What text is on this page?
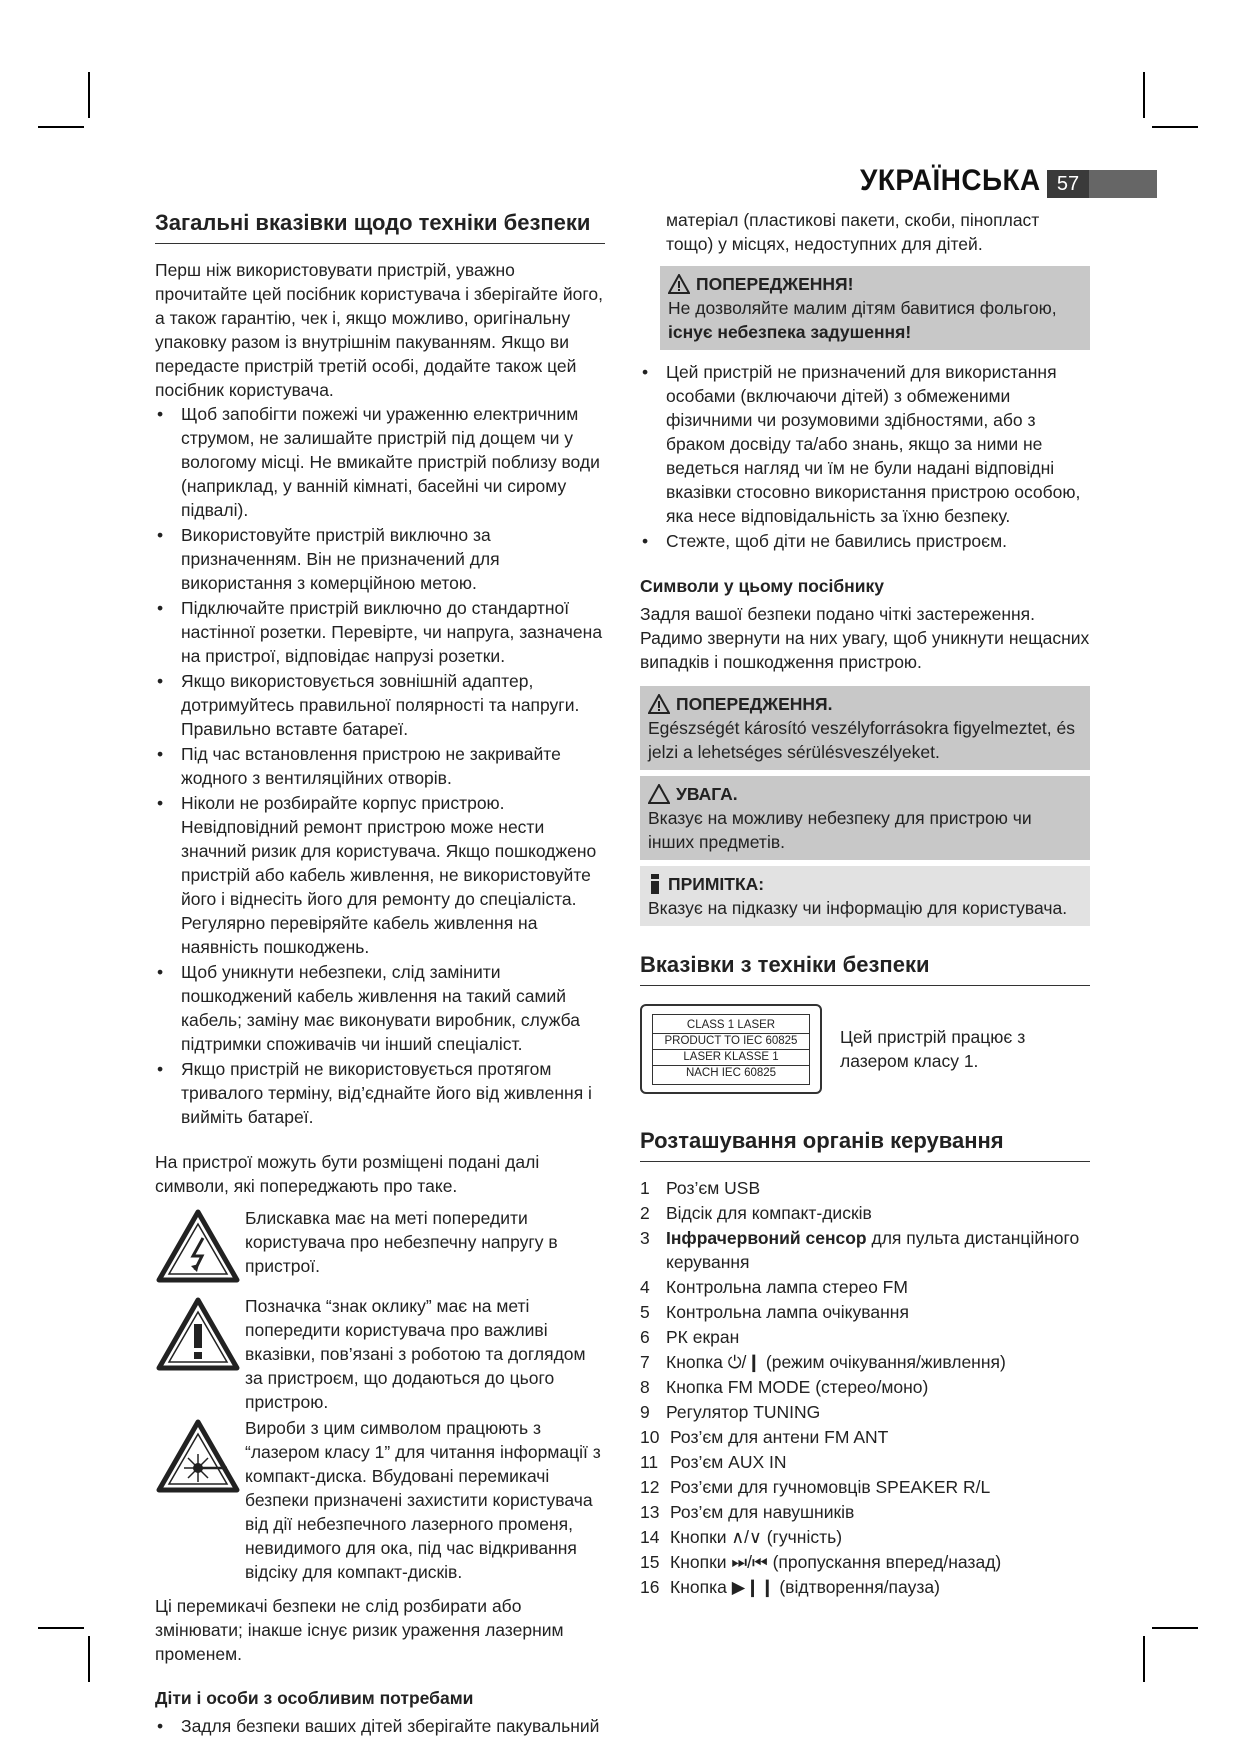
УКРАЇНСЬКА 57
Загальні вказівки щодо техніки безпеки

Перш ніж використовувати пристрій, уважно прочитайте цей посібник користувача і зберігайте його, а також гарантію, чек і, якщо можливо, оригінальну упаковку разом із внутрішнім пакуванням. Якщо ви передасте пристрій третій особі, додайте також цей посібник користувача.

• Щоб запобігти пожежі чи ураженню електричним струмом, не залишайте пристрій під дощем чи у вологому місці. Не вмикайте пристрій поблизу води (наприклад, у ванній кімнаті, басейні чи сирому підвалі).
• Використовуйте пристрій виключно за призначенням. Він не призначений для використання з комерційною метою.
• Підключайте пристрій виключно до стандартної настінної розетки. Перевірте, чи напруга, зазначена на пристрої, відповідає напрузі розетки.
• Якщо використовується зовнішній адаптер, дотримуйтесь правильної полярності та напруги. Правильно вставте батареї.
• Під час встановлення пристрою не закривайте жодного з вентиляційних отворів.
• Ніколи не розбирайте корпус пристрою. Невідповідний ремонт пристрою може нести значний ризик для користувача. Якщо пошкоджено пристрій або кабель живлення, не використовуйте його і віднесіть його для ремонту до спеціаліста. Регулярно перевіряйте кабель живлення на наявність пошкоджень.
• Щоб уникнути небезпеки, слід замінити пошкоджений кабель живлення на такий самий кабель; заміну має виконувати виробник, служба підтримки споживачів чи інший спеціаліст.
• Якщо пристрій не використовується протягом тривалого терміну, від’єднайте його від живлення і вийміть батареї.

На пристрої можуть бути розміщені подані далі символи, які попереджають про таке.

Блискавка має на меті попередити користувача про небезпечну напругу в пристрої.
Позначка “знак оклику” має на меті попередити користувача про важливі вказівки, пов’язані з роботою та доглядом за пристроєм, що додаються до цього пристрою.
Вироби з цим символом працюють з “лазером класу 1” для читання інформації з компакт-диска. Вбудовані перемикачі безпеки призначені захистити користувача від дії небезпечного лазерного променя, невидимого для ока, під час відкривання відсіку для компакт-дисків.

Ці перемикачі безпеки не слід розбирати або змінювати; інакше існує ризик ураження лазерним променем.

Діти і особи з особливим потребами
• Задля безпеки ваших дітей зберігайте пакувальний

матеріал (пластикові пакети, скоби, пінопласт тощо) у місцях, недоступних для дітей.

ПОПЕРЕДЖЕННЯ!
Не дозволяйте малим дітям бавитися фольгою, існує небезпека задушення!
• Цей пристрій не призначений для використання особами (включаючи дітей) з обмеженими фізичними чи розумовими здібностями, або з браком досвіду та/або знань, якщо за ними не ведеться нагляд чи їм не були надані відповідні вказівки стосовно використання пристрою особою, яка несе відповідальність за їхню безпеку.
• Стежте, щоб діти не бавились пристроєм.
Символи у цьому посібнику

Задля вашої безпеки подано чіткі застереження. Радимо звернути на них увагу, щоб уникнути нещасних випадків і пошкодження пристрою.

ПОПЕРЕДЖЕННЯ.
Egészségét károsító veszélyforrásokra figyelmeztet, és jelzi a lehetséges sérülésveszélyeket.
УВАГА.
Вказує на можливу небезпеку для пристрою чи інших предметів.
ПРИМІТКА:
Вказує на підказку чи інформацію для користувача.
Вказівки з техніки безпеки
CLASS 1 LASER
PRODUCT TO IEC 60825
LASER KLASSE 1
NACH IEC 60825
Цей пристрій працює з лазером класу 1.
Розташування органів керування
1 Роз’єм USB
2 Відсік для компакт-дисків
3 Інфрачервоний сенсор для пульта дистанційного керування
4 Контрольна лампа стерео FM
5 Контрольна лампа очікування
6 РК екран
7 Кнопка ⏻/❙ (режим очікування/живлення)
8 Кнопка FM MODE (стерео/моно)
9 Регулятор TUNING
10 Роз’єм для антени FM ANT
11 Роз’єм AUX IN
12 Роз’єми для гучномовців SPEAKER R/L
13 Роз’єм для навушників
14 Кнопки ∧/∨ (гучність)
15 Кнопки ⏭/⏮ (пропускання вперед/назад)
16 Кнопка ▶❙❙ (відтворення/пауза)
